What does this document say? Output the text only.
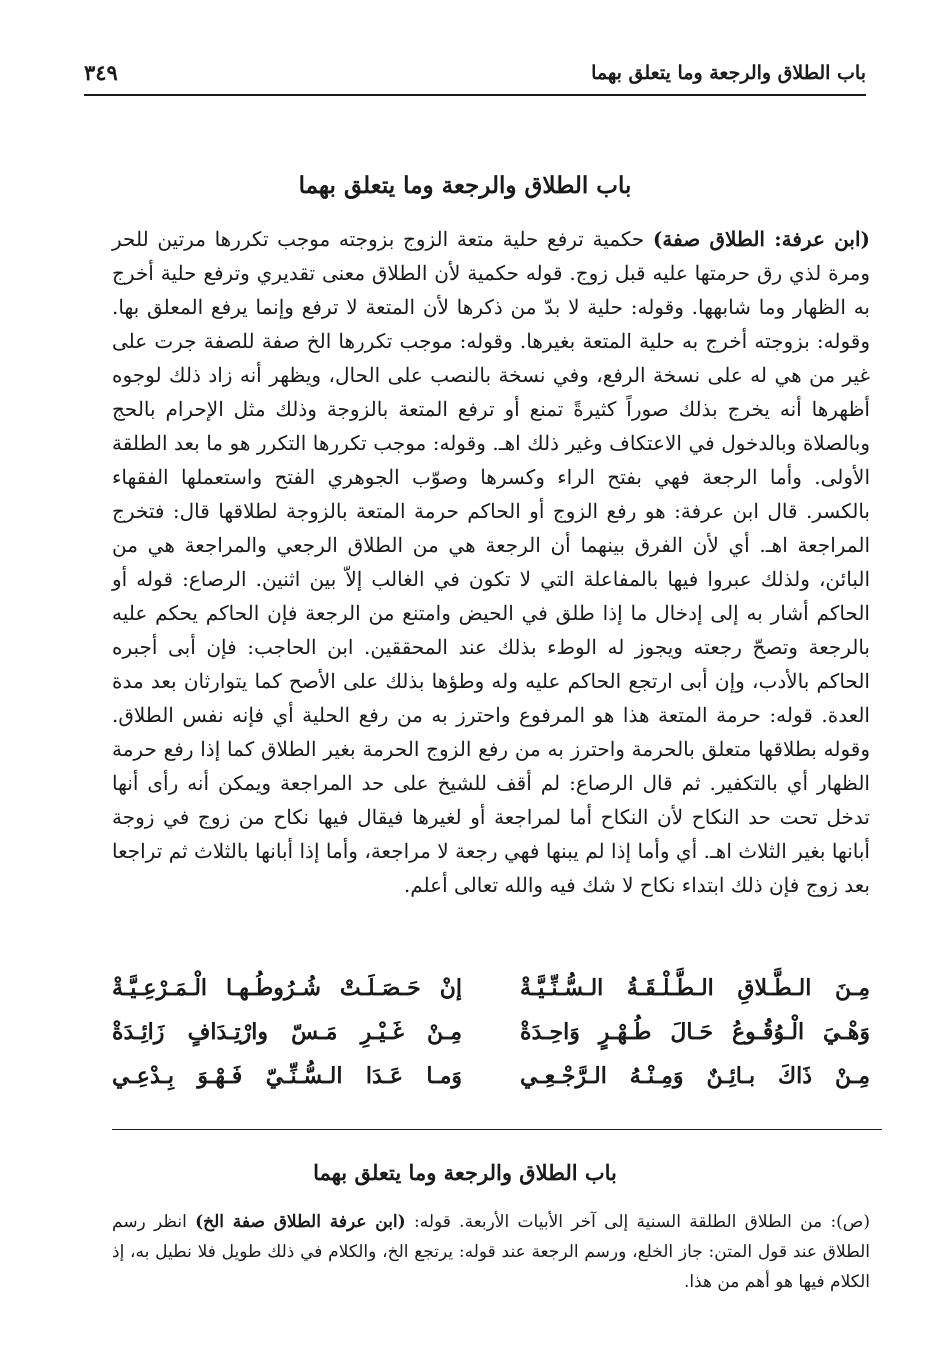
باب الطلاق والرجعة وما يتعلق بهما
٣٤٩
باب الطلاق والرجعة وما يتعلق بهما

(ابن عرفة: الطلاق صفة) حكمية ترفع حلية متعة الزوج بزوجته موجب تكررها مرتين للحر ومرة لذي رق حرمتها عليه قبل زوج. قوله حكمية لأن الطلاق معنى تقديري وترفع حلية أخرج به الظهار وما شابهها. وقوله: حلية لا بدّ من ذكرها لأن المتعة لا ترفع وإنما يرفع المعلق بها. وقوله: بزوجته أخرج به حلية المتعة بغيرها. وقوله: موجب تكررها الخ صفة للصفة جرت على غير من هي له على نسخة الرفع، وفي نسخة بالنصب على الحال، ويظهر أنه زاد ذلك لوجوه أظهرها أنه يخرج بذلك صوراً كثيرةً تمنع أو ترفع المتعة بالزوجة وذلك مثل الإحرام بالحج وبالصلاة وبالدخول في الاعتكاف وغير ذلك اهـ. وقوله: موجب تكررها التكرر هو ما بعد الطلقة الأولى. وأما الرجعة فهي بفتح الراء وكسرها وصوّب الجوهري الفتح واستعملها الفقهاء بالكسر. قال ابن عرفة: هو رفع الزوج أو الحاكم حرمة المتعة بالزوجة لطلاقها قال: فتخرج المراجعة اهـ. أي لأن الفرق بينهما أن الرجعة هي من الطلاق الرجعي والمراجعة هي من البائن، ولذلك عبروا فيها بالمفاعلة التي لا تكون في الغالب إلاّ بين اثنين. الرصاع: قوله أو الحاكم أشار به إلى إدخال ما إذا طلق في الحيض وامتنع من الرجعة فإن الحاكم يحكم عليه بالرجعة وتصحّ رجعته ويجوز له الوطء بذلك عند المحققين. ابن الحاجب: فإن أبى أجبره الحاكم بالأدب، وإن أبى ارتجع الحاكم عليه وله وطؤها بذلك على الأصح كما يتوارثان بعد مدة العدة. قوله: حرمة المتعة هذا هو المرفوع واحترز به من رفع الحلية أي فإنه نفس الطلاق. وقوله بطلاقها متعلق بالحرمة واحترز به من رفع الزوج الحرمة بغير الطلاق كما إذا رفع حرمة الظهار أي بالتكفير. ثم قال الرصاع: لم أقف للشيخ على حد المراجعة ويمكن أنه رأى أنها تدخل تحت حد النكاح لأن النكاح أما لمراجعة أو لغيرها فيقال فيها نكاح من زوج في زوجة أبانها بغير الثلاث اهـ. أي وأما إذا لم يبنها فهي رجعة لا مراجعة، وأما إذا أبانها بالثلاث ثم تراجعا بعد زوج فإن ذلك ابتداء نكاح لا شك فيه والله تعالى أعلم.

مِـنَ الـطَّـلاقِ الـطَّـلْـقَـةُ الـسُّـنِّـيَّـةْ
إنْ حَـصَـلَـتْ شُـرُوطُـهـا الْـمَـرْعِـيَّـةْ
وَهْـيَ الْـوُقُـوعُ حَـالَ طُـهْـرٍ وَاحِـدَةْ
مِـنْ غَـيْـرِ مَـسّ وارْتِـدَافٍ زَائِـدَةْ
مِـنْ ذَاكَ بـائِـنٌ وَمِـنْـهُ الـرَّجْـعِـي
وَمـا عَـدَا الـسُّـنِّـيّ فَـهْـوَ بِـدْعِـي
باب الطلاق والرجعة وما يتعلق بهما

(ص): من الطلاق الطلقة السنية إلى آخر الأبيات الأربعة. قوله: (ابن عرفة الطلاق صفة الخ) انظر رسم الطلاق عند قول المتن: جاز الخلع، ورسم الرجعة عند قوله: يرتجع الخ، والكلام في ذلك طويل فلا نطيل به، إذ الكلام فيها هو أهم من هذا.
